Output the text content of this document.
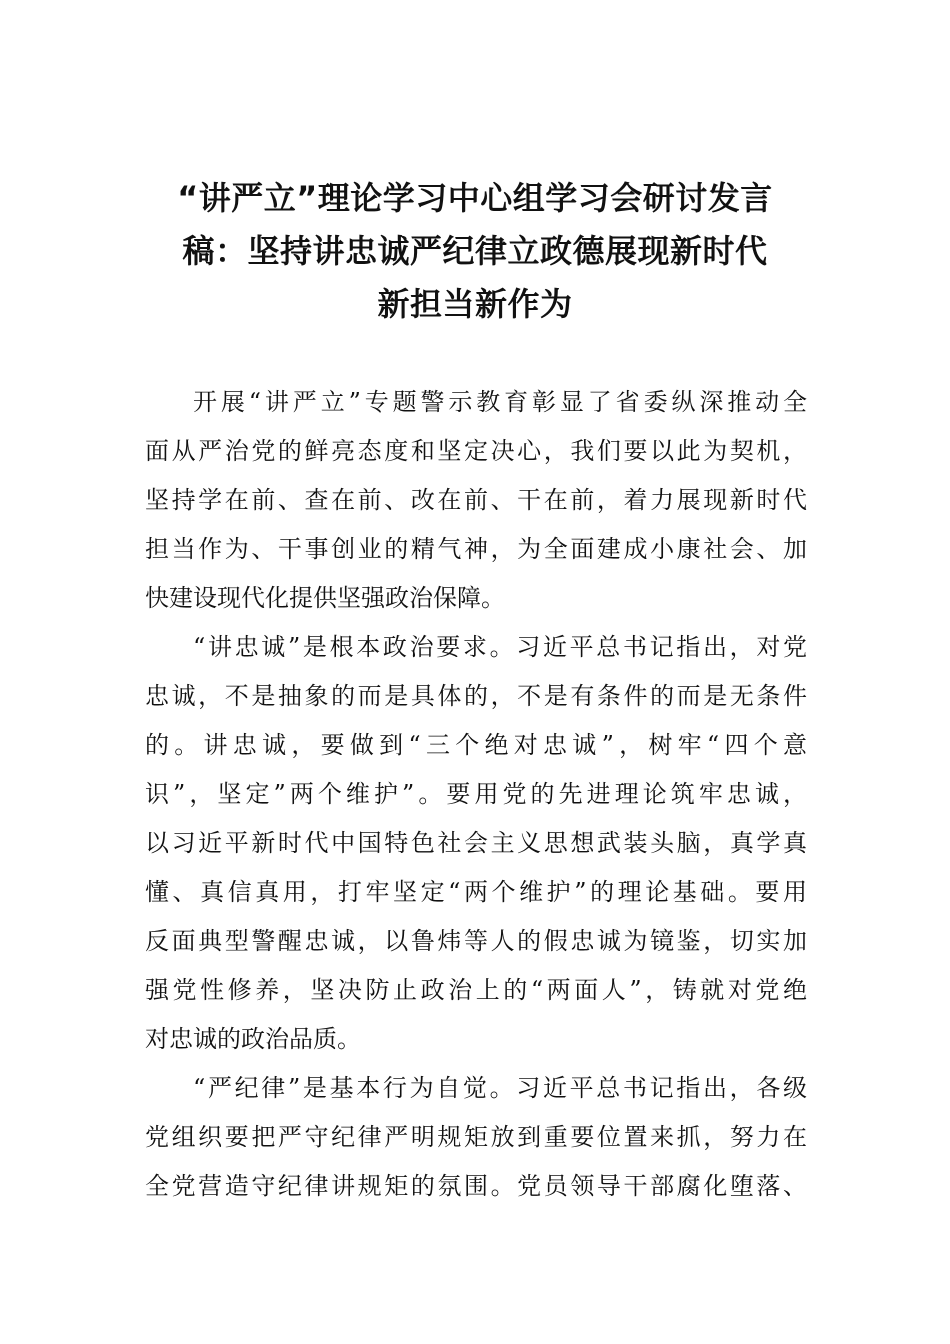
“讲严立”理论学习中心组学习会研讨发言
稿：坚持讲忠诚严纪律立政德展现新时代
新担当新作为
开展“讲严立”专题警示教育彰显了省委纵深推动全
面从严治党的鲜亮态度和坚定决心，我们要以此为契机，
坚持学在前、查在前、改在前、干在前，着力展现新时代
担当作为、干事创业的精气神，为全面建成小康社会、加
快建设现代化提供坚强政治保障。
“讲忠诚”是根本政治要求。习近平总书记指出，对党
忠诚，不是抽象的而是具体的，不是有条件的而是无条件
的。讲忠诚，要做到“三个绝对忠诚”，树牢“四个意
识”，坚定”两个维护”。要用党的先进理论筑牢忠诚，
以习近平新时代中国特色社会主义思想武装头脑，真学真
懂、真信真用，打牢坚定“两个维护”的理论基础。要用
反面典型警醒忠诚，以鲁炜等人的假忠诚为镜鉴，切实加
强党性修养，坚决防止政治上的“两面人”，铸就对党绝
对忠诚的政治品质。
“严纪律”是基本行为自觉。习近平总书记指出，各级
党组织要把严守纪律严明规矩放到重要位置来抓，努力在
全党营造守纪律讲规矩的氛围。党员领导干部腐化堕落、
